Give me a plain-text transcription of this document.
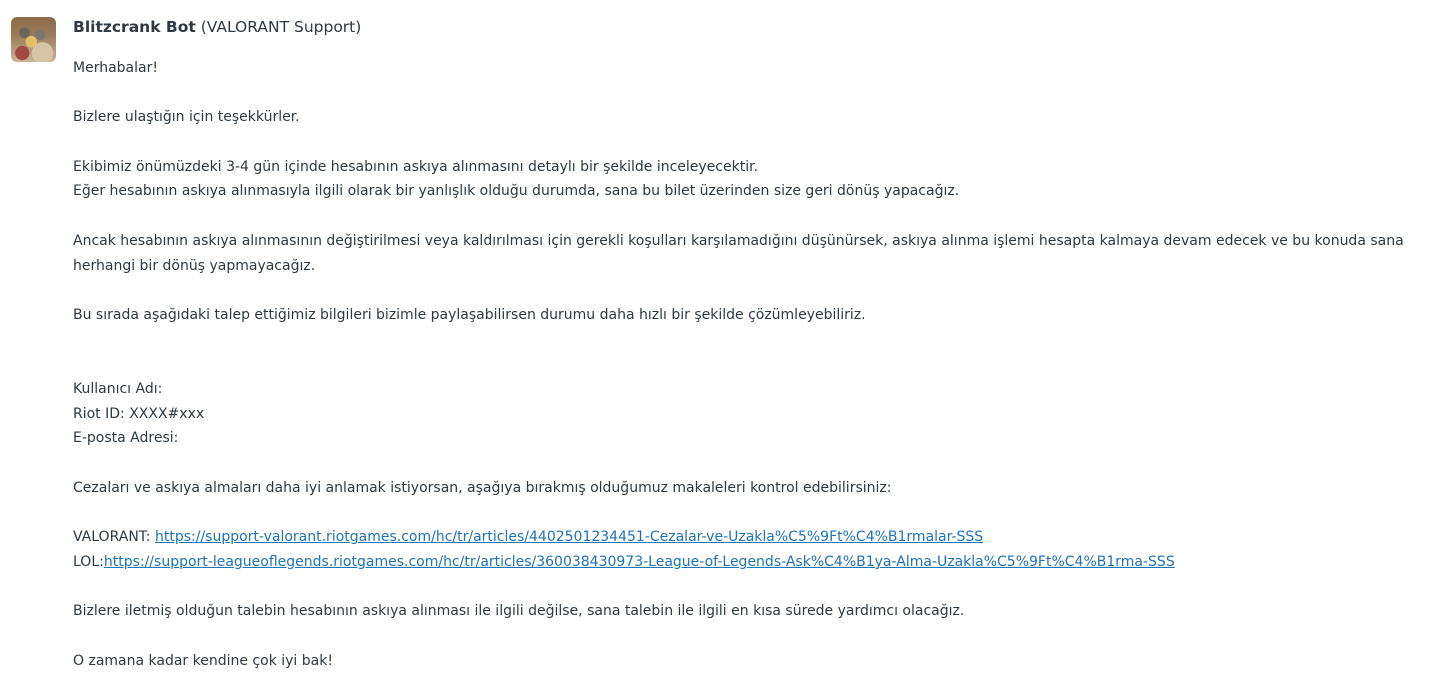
Blitzcrank Bot (VALORANT Support)

Merhabalar!

Bizlere ulaştığın için teşekkürler.

Ekibimiz önümüzdeki 3-4 gün içinde hesabının askıya alınmasını detaylı bir şekilde inceleyecektir.

Eğer hesabının askıya alınmasıyla ilgili olarak bir yanlışlık olduğu durumda, sana bu bilet üzerinden size geri dönüş yapacağız.

Ancak hesabının askıya alınmasının değiştirilmesi veya kaldırılması için gerekli koşulları karşılamadığını düşünürsek, askıya alınma işlemi hesapta kalmaya devam edecek ve bu konuda sana herhangi bir dönüş yapmayacağız.

Bu sırada aşağıdaki talep ettiğimiz bilgileri bizimle paylaşabilirsen durumu daha hızlı bir şekilde çözümleyebiliriz.

Kullanıcı Adı:

Riot ID: XXXX#xxx

E-posta Adresi:

Cezaları ve askıya almaları daha iyi anlamak istiyorsan, aşağıya bırakmış olduğumuz makaleleri kontrol edebilirsiniz:

VALORANT: https://support-valorant.riotgames.com/hc/tr/articles/4402501234451-Cezalar-ve-Uzakla%C5%9Ft%C4%B1rmalar-SSS

LOL:https://support-leagueoflegends.riotgames.com/hc/tr/articles/360038430973-League-of-Legends-Ask%C4%B1ya-Alma-Uzakla%C5%9Ft%C4%B1rma-SSS

Bizlere iletmiş olduğun talebin hesabının askıya alınması ile ilgili değilse, sana talebin ile ilgili en kısa sürede yardımcı olacağız.

O zamana kadar kendine çok iyi bak!
